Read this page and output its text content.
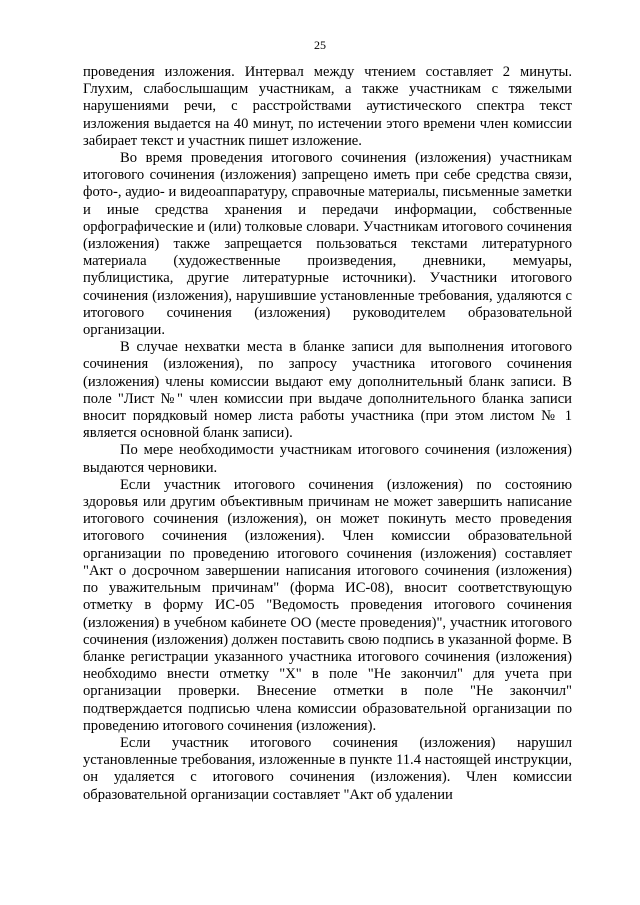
25

проведения изложения. Интервал между чтением составляет 2 минуты. Глухим, слабослышащим участникам, а также участникам с тяжелыми нарушениями речи, с расстройствами аутистического спектра текст изложения выдается на 40 минут, по истечении этого времени член комиссии забирает текст и участник пишет изложение.

Во время проведения итогового сочинения (изложения) участникам итогового сочинения (изложения) запрещено иметь при себе средства связи, фото-, аудио- и видеоаппаратуру, справочные материалы, письменные заметки и иные средства хранения и передачи информации, собственные орфографические и (или) толковые словари. Участникам итогового сочинения (изложения) также запрещается пользоваться текстами литературного материала (художественные произведения, дневники, мемуары, публицистика, другие литературные источники). Участники итогового сочинения (изложения), нарушившие установленные требования, удаляются с итогового сочинения (изложения) руководителем образовательной организации.

В случае нехватки места в бланке записи для выполнения итогового сочинения (изложения), по запросу участника итогового сочинения (изложения) члены комиссии выдают ему дополнительный бланк записи. В поле "Лист №" член комиссии при выдаче дополнительного бланка записи вносит порядковый номер листа работы участника (при этом листом № 1 является основной бланк записи).

По мере необходимости участникам итогового сочинения (изложения) выдаются черновики.

Если участник итогового сочинения (изложения) по состоянию здоровья или другим объективным причинам не может завершить написание итогового сочинения (изложения), он может покинуть место проведения итогового сочинения (изложения). Член комиссии образовательной организации по проведению итогового сочинения (изложения) составляет "Акт о досрочном завершении написания итогового сочинения (изложения) по уважительным причинам" (форма ИС-08), вносит соответствующую отметку в форму ИС-05 "Ведомость проведения итогового сочинения (изложения) в учебном кабинете ОО (месте проведения)", участник итогового сочинения (изложения) должен поставить свою подпись в указанной форме. В бланке регистрации указанного участника итогового сочинения (изложения) необходимо внести отметку "X" в поле "Не закончил" для учета при организации проверки. Внесение отметки в поле "Не закончил" подтверждается подписью члена комиссии образовательной организации по проведению итогового сочинения (изложения).

Если участник итогового сочинения (изложения) нарушил установленные требования, изложенные в пункте 11.4 настоящей инструкции, он удаляется с итогового сочинения (изложения). Член комиссии образовательной организации составляет "Акт об удалении
